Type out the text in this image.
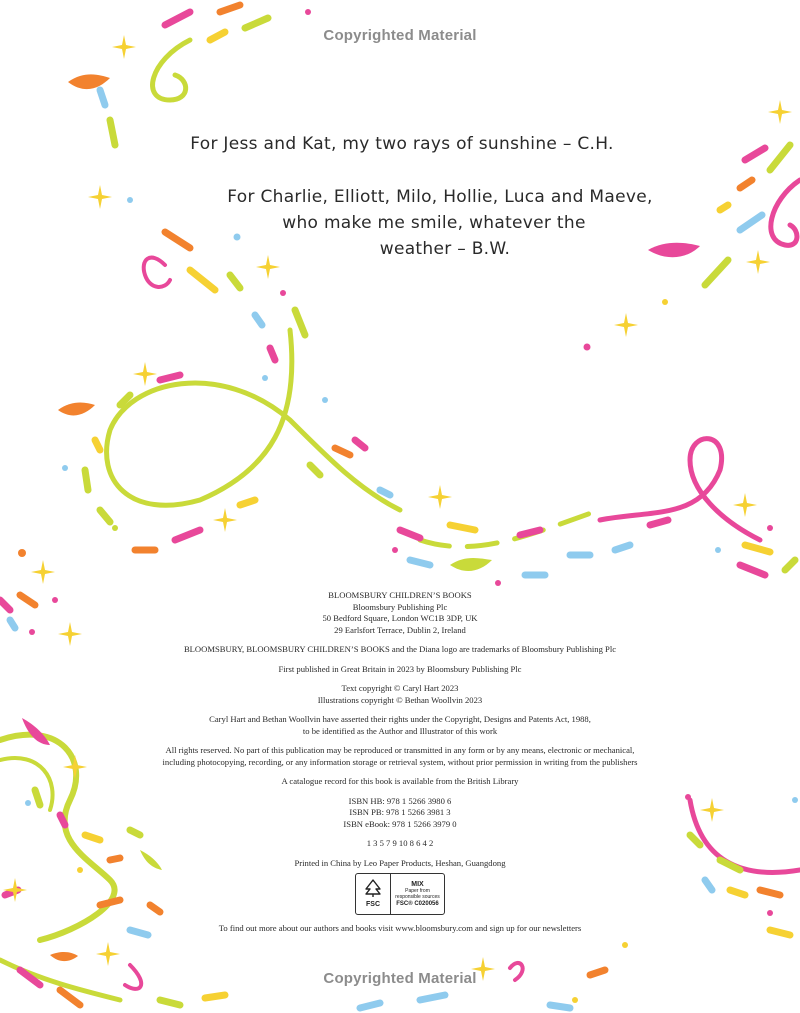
Copyrighted Material
For Jess and Kat, my two rays of sunshine – C.H.
For Charlie, Elliott, Milo, Hollie, Luca and Maeve,
who make me smile, whatever the
weather – B.W.
BLOOMSBURY CHILDREN’S BOOKS
Bloomsbury Publishing Plc
50 Bedford Square, London WC1B 3DP, UK
29 Earlsfort Terrace, Dublin 2, Ireland
BLOOMSBURY, BLOOMSBURY CHILDREN’S BOOKS and the Diana logo are trademarks of Bloomsbury Publishing Plc
First published in Great Britain in 2023 by Bloomsbury Publishing Plc
Text copyright © Caryl Hart 2023
Illustrations copyright © Bethan Woollvin 2023
Caryl Hart and Bethan Woollvin have asserted their rights under the Copyright, Designs and Patents Act, 1988,
to be identified as the Author and Illustrator of this work
All rights reserved. No part of this publication may be reproduced or transmitted in any form or by any means, electronic or mechanical,
including photocopying, recording, or any information storage or retrieval system, without prior permission in writing from the publishers
A catalogue record for this book is available from the British Library
ISBN HB: 978 1 5266 3980 6
ISBN PB: 978 1 5266 3981 3
ISBN eBook: 978 1 5266 3979 0
1 3 5 7 9 10 8 6 4 2
Printed in China by Leo Paper Products, Heshan, Guangdong
FSC
MIX
Paper from
responsible sources
FSC® C020056
To find out more about our authors and books visit www.bloomsbury.com and sign up for our newsletters
Copyrighted Material
